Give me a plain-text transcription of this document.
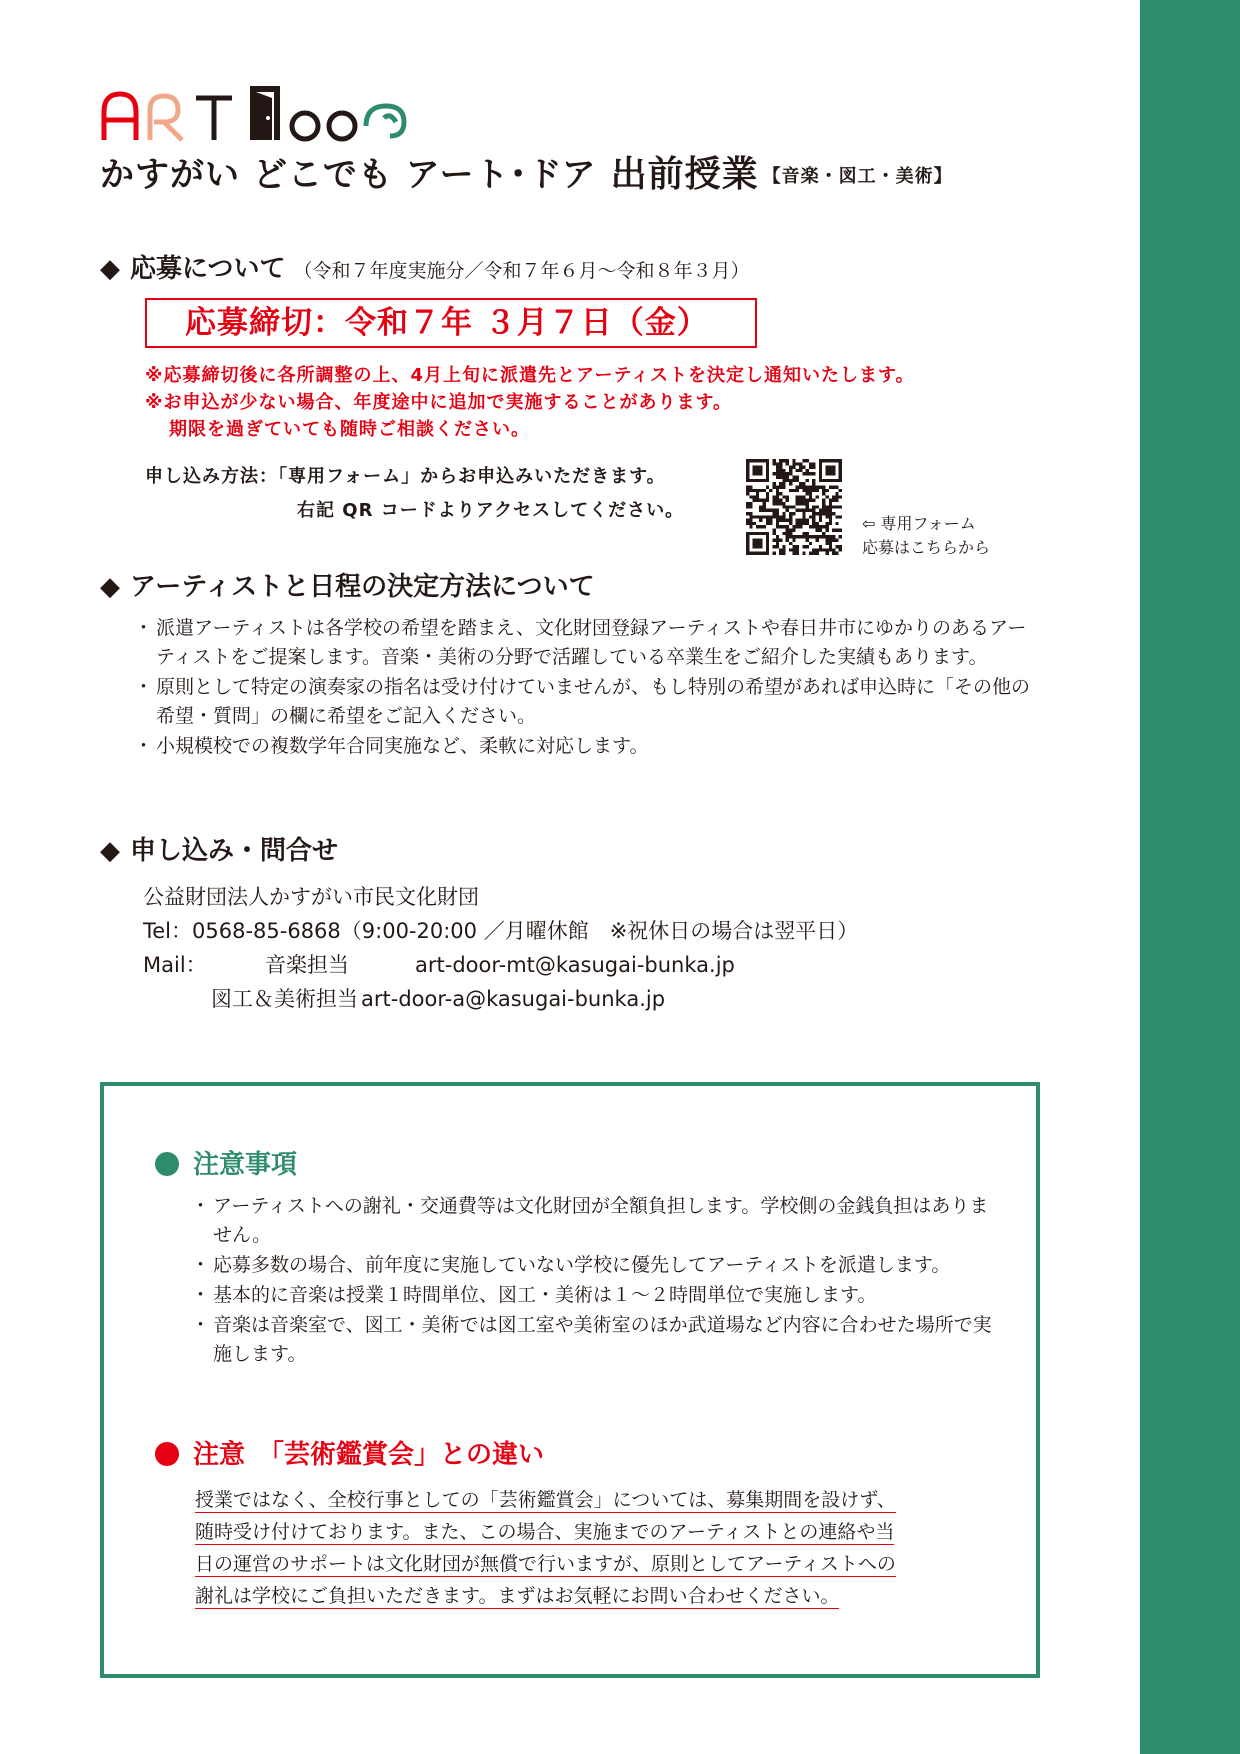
かすがい どこでも アート･ドア 出前授業 【音楽・図工・美術】
◆ 応募について （令和７年度実施分／令和７年６月～令和８年３月）
応募締切：令和７年 ３月７日（金）
※応募締切後に各所調整の上、4月上旬に派遣先とアーティストを決定し通知いたします。
※お申込が少ない場合、年度途中に追加で実施することがあります。
期限を過ぎていても随時ご相談ください。
申し込み方法：「専用フォーム」からお申込みいただきます。
右記 QR コードよりアクセスしてください。
⇦ 専用フォーム
応募はこちらから
◆ アーティストと日程の決定方法について
・ 派遣アーティストは各学校の希望を踏まえ、文化財団登録アーティストや春日井市にゆかりのあるアーティストをご提案します。音楽・美術の分野で活躍している卒業生をご紹介した実績もあります。
・ 原則として特定の演奏家の指名は受け付けていませんが、もし特別の希望があれば申込時に「その他の希望・質問」の欄に希望をご記入ください。
・ 小規模校での複数学年合同実施など、柔軟に対応します。
◆ 申し込み・問合せ
公益財団法人かすがい市民文化財団
Tel：0568-85-6868（9:00-20:00 ／月曜休館　※祝休日の場合は翌平日）
Mail：	音楽担当	art-door-mt@kasugai-bunka.jp
図工＆美術担当 art-door-a@kasugai-bunka.jp
注意事項
・ アーティストへの謝礼・交通費等は文化財団が全額負担します。学校側の金銭負担はありません。
・ 応募多数の場合、前年度に実施していない学校に優先してアーティストを派遣します。
・ 基本的に音楽は授業１時間単位、図工・美術は１～２時間単位で実施します。
・ 音楽は音楽室で、図工・美術では図工室や美術室のほか武道場など内容に合わせた場所で実施します。
注意　「芸術鑑賞会」との違い
授業ではなく、全校行事としての「芸術鑑賞会」については、募集期間を設けず、
随時受け付けております。また、この場合、実施までのアーティストとの連絡や当
日の運営のサポートは文化財団が無償で行いますが、原則としてアーティストへの
謝礼は学校にご負担いただきます。まずはお気軽にお問い合わせください。
